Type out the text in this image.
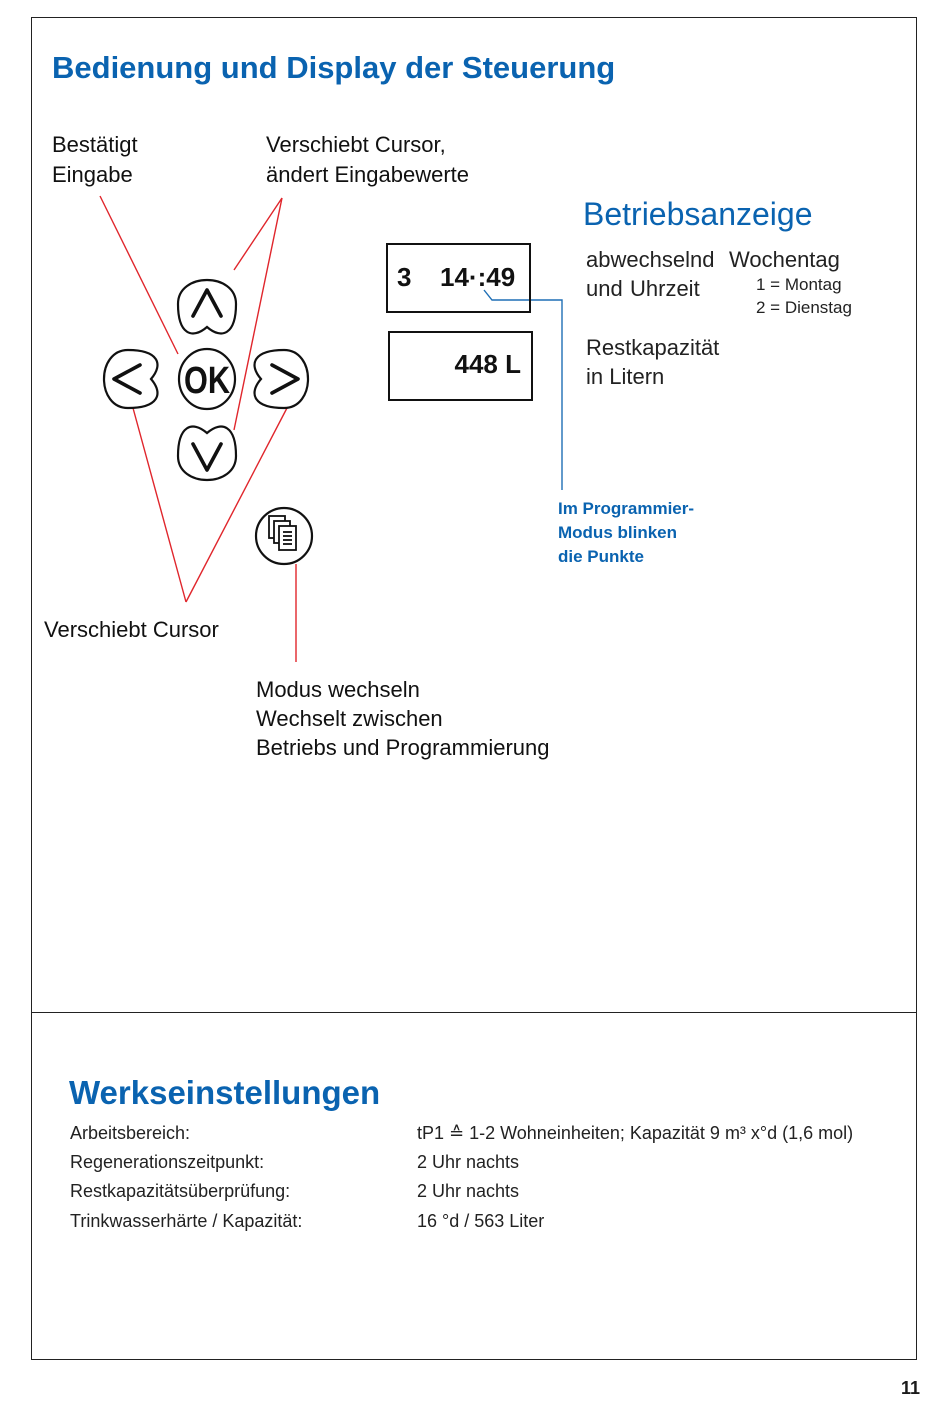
Bedienung und Display der Steuerung
Bestätigt
Eingabe
Verschiebt Cursor,
ändert Eingabewerte
Verschiebt Cursor
Modus wechseln
Wechselt zwischen
Betriebs und Programmierung
OK
3 14·:49
448 L
Betriebsanzeige
abwechselnd Wochentag
und Uhrzeit	1 = Montag
2 = Dienstag
Restkapazität
in Litern
Im Programmier-
Modus blinken
die Punkte
Werkseinstellungen
Arbeitsbereich:	tP1 ≙ 1-2 Wohneinheiten; Kapazität 9 m³ x°d (1,6 mol)
Regenerationszeitpunkt:	2 Uhr nachts
Restkapazitätsüberprüfung:	2 Uhr nachts
Trinkwasserhärte / Kapazität:	16 °d / 563 Liter
11
